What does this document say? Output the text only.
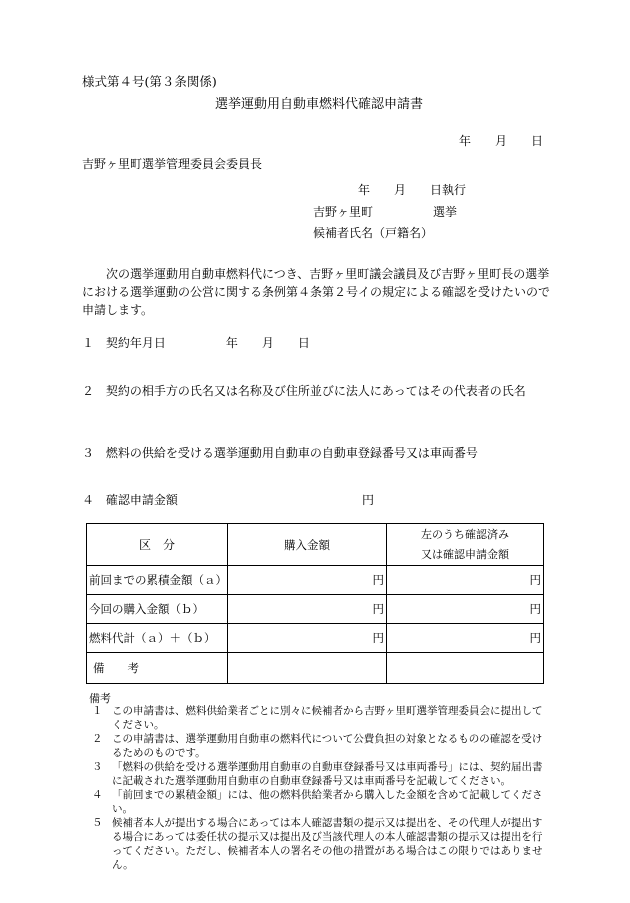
様式第４号(第３条関係)
選挙運動用自動車燃料代確認申請書
年　　月　　日
吉野ヶ里町選挙管理委員会委員長
年　　月　　日執行
吉野ヶ里町　　　　　選挙
候補者氏名（戸籍名）
次の選挙運動用自動車燃料代につき、吉野ヶ里町議会議員及び吉野ヶ里町長の選挙における選挙運動の公営に関する条例第４条第２号イの規定による確認を受けたいので申請します。
１ 契約年月日　　　　　年　　月　　日
２ 契約の相手方の氏名又は名称及び住所並びに法人にあってはその代表者の氏名
３ 燃料の供給を受ける選挙運動用自動車の自動車登録番号又は車両番号
４ 確認申請金額	円
区　分	購入金額	左のうち確認済み
又は確認申請金額

前回までの累積金額（ａ）	円	円
今回の購入金額（ｂ）	円	円
燃料代計（ａ）＋（ｂ）	円	円
備　　考		
備考
１ この申請書は、燃料供給業者ごとに別々に候補者から吉野ヶ里町選挙管理委員会に提出してください。
２ この申請書は、選挙運動用自動車の燃料代について公費負担の対象となるものの確認を受けるためのものです。
３ 「燃料の供給を受ける選挙運動用自動車の自動車登録番号又は車両番号」には、契約届出書に記載された選挙運動用自動車の自動車登録番号又は車両番号を記載してください。
４ 「前回までの累積金額」には、他の燃料供給業者から購入した金額を含めて記載してください。
５ 候補者本人が提出する場合にあっては本人確認書類の提示又は提出を、その代理人が提出する場合にあっては委任状の提示又は提出及び当該代理人の本人確認書類の提示又は提出を行ってください。ただし、候補者本人の署名その他の措置がある場合はこの限りではありません。
